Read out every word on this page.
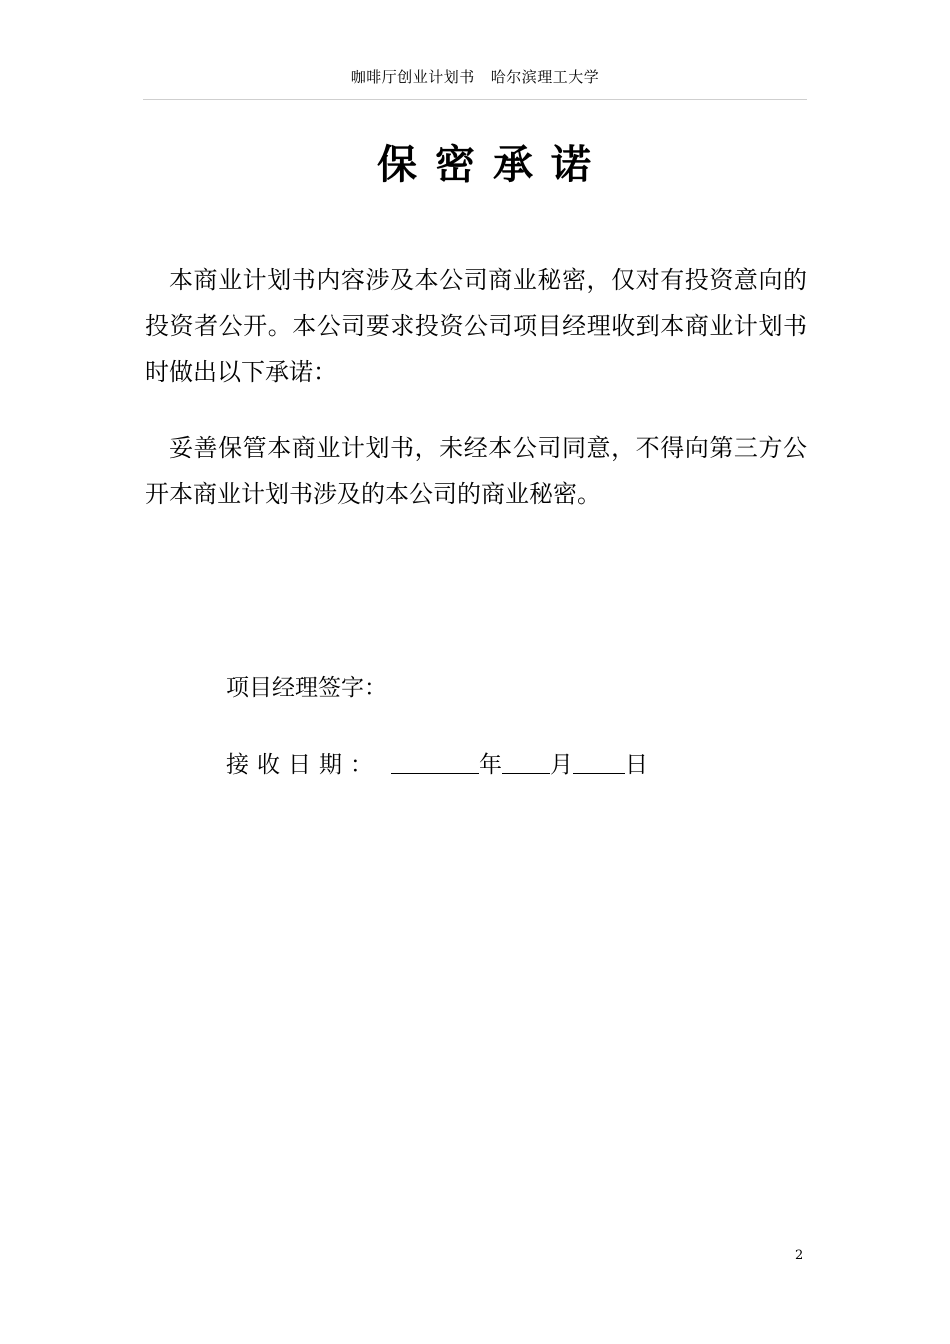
咖啡厅创业计划书 哈尔滨理工大学
保密承诺
本商业计划书内容涉及本公司商业秘密，仅对有投资意向的投资者公开。本公司要求投资公司项目经理收到本商业计划书时做出以下承诺：
妥善保管本商业计划书，未经本公司同意，不得向第三方公开本商业计划书涉及的本公司的商业秘密。
项目经理签字：
接收日期：	年 月 日
2
